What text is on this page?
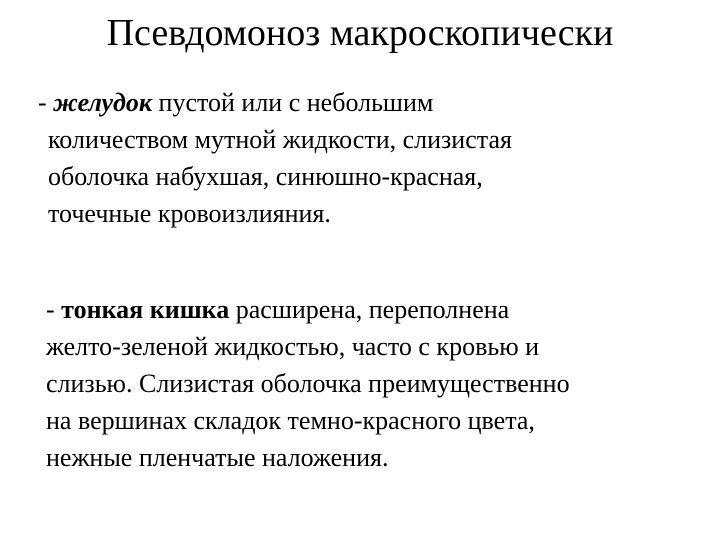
Псевдомоноз макроскопически
- желудок пустой или с небольшим
количеством мутной жидкости, слизистая
оболочка набухшая, синюшно-красная,
точечные кровоизлияния.
- тонкая кишка расширена, переполнена
желто-зеленой жидкостью, часто с кровью и
слизью. Слизистая оболочка преимущественно
на вершинах складок темно-красного цвета,
нежные пленчатые наложения.
